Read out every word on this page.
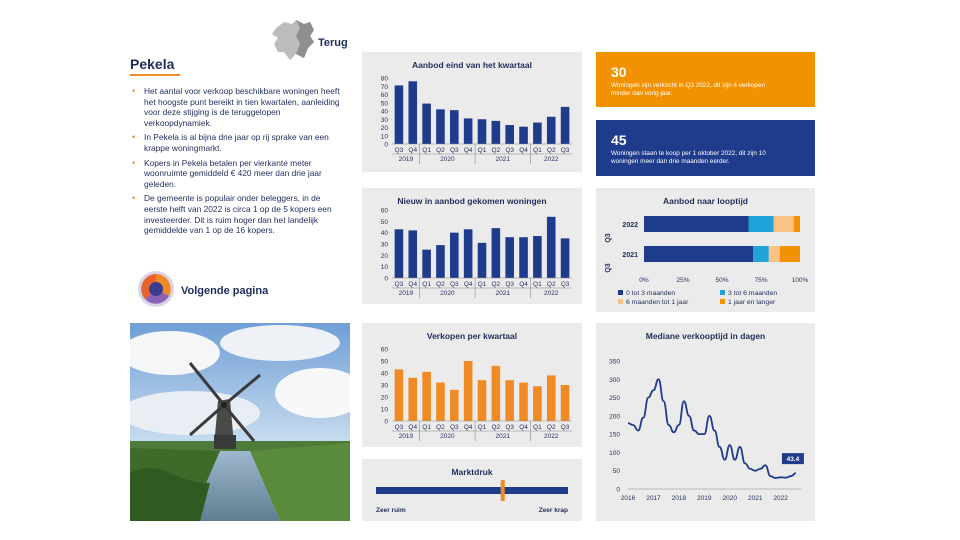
Terug
Pekela
• Het aantal voor verkoop beschikbare woningen heeft het hoogste punt bereikt in tien kwartalen, aanleiding voor deze stijging is de teruggelopen verkoopdynamiek.
• In Pekela is al bijna drie jaar op rij sprake van een krappe woningmarkt.
• Kopers in Pekela betalen per vierkante meter woonruimte gemiddeld € 420 meer dan drie jaar geleden.
• De gemeente is populair onder beleggers, in de eerste helft van 2022 is circa 1 op de 5 kopers een investeerder. Dit is ruim hoger dan het landelijk gemiddelde van 1 op de 16 kopers.
Volgende pagina
Aanbod eind van het kwartaal
0
10
20
30
40
50
60
70
80
Q3 Q4 Q1 Q2 Q3 Q4 Q1 Q2 Q3 Q4 Q1 Q2 Q3
2019	2020	2021	2022
Nieuw in aanbod gekomen woningen
0
10
20
30
40
50
60
Q3 Q4 Q1 Q2 Q3 Q4 Q1 Q2 Q3 Q4 Q1 Q2 Q3
2019	2020	2021	2022
Verkopen per kwartaal
0
10
20
30
40
50
60
Q3 Q4 Q1 Q2 Q3 Q4 Q1 Q2 Q3 Q4 Q1 Q2 Q3
2019	2020	2021	2022
Marktdruk
Zeer ruim	Zeer krap
30
Woningen zijn verkocht in Q3 2022, dit zijn 4 verkopen minder dan vorig jaar.
45
Woningen staan te koop per 1 oktober 2022, dit zijn 10 woningen meer dan drie maanden eerder.
Aanbod naar looptijd
2022
2021
Q3
Q3
0%	25%	50%	75%	100%
0 tot 3 maanden	3 tot 6 maanden
6 maanden tot 1 jaar	1 jaar en langer
Mediane verkooptijd in dagen
0
50
100
150
200
250
300
350
2016 2017 2018 2019 2020 2021 2022
43.4
